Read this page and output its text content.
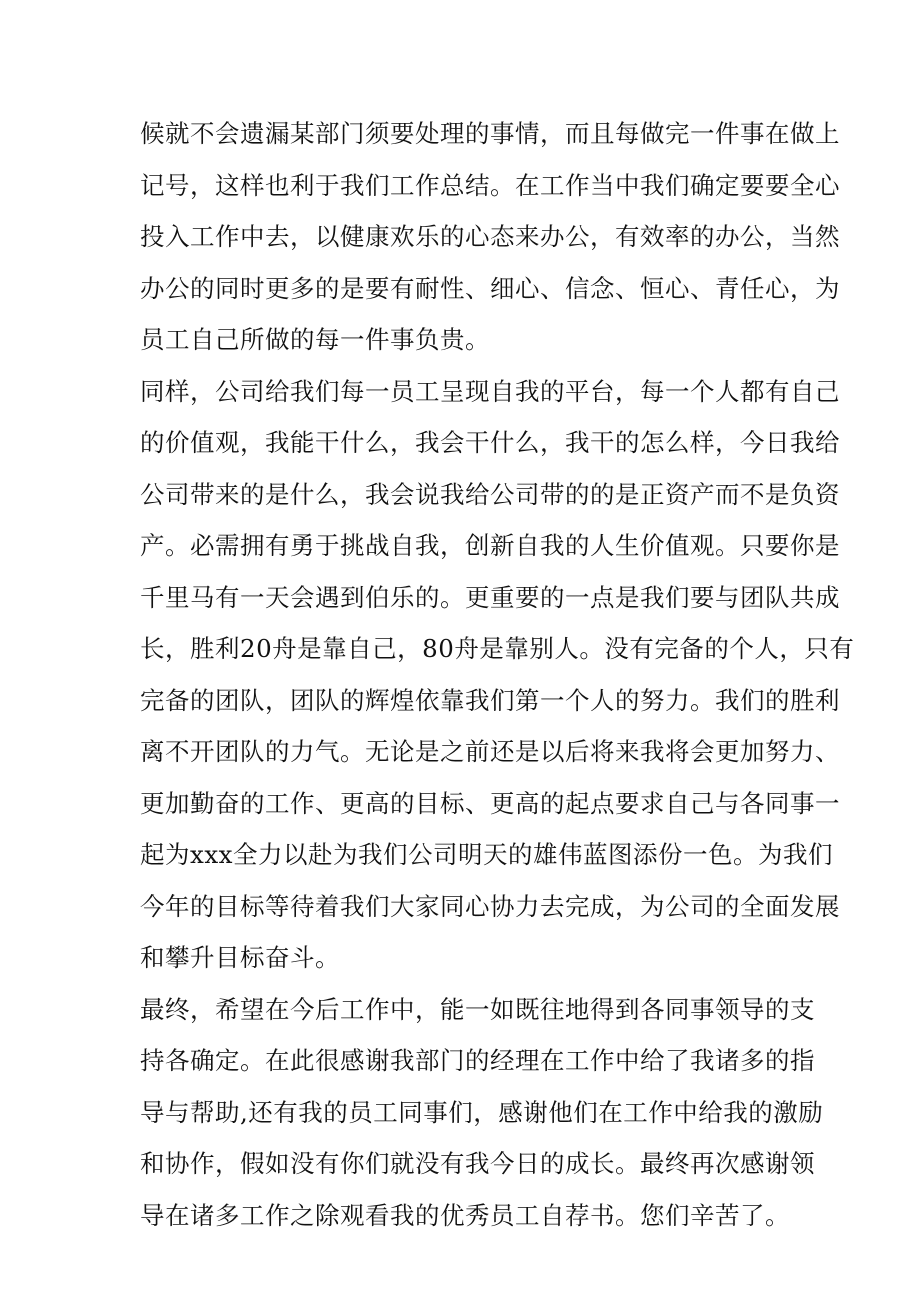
候就不会遗漏某部门须要处理的事情，而且每做完一件事在做上
记号，这样也利于我们工作总结。在工作当中我们确定要要全心
投入工作中去，以健康欢乐的心态来办公，有效率的办公，当然
办公的同时更多的是要有耐性、细心、信念、恒心、青任心，为
员工自己所做的每一件事负贵。
同样，公司给我们每一员工呈现自我的平台，每一个人都有自己
的价值观，我能干什么，我会干什么，我干的怎么样，今日我给
公司带来的是什么，我会说我给公司带的的是正资产而不是负资
产。必需拥有勇于挑战自我，创新自我的人生价值观。只要你是
千里马有一天会遇到伯乐的。更重要的一点是我们要与团队共成
长，胜利20舟是靠自己，80舟是靠别人。没有完备的个人，只有
完备的团队，团队的辉煌依靠我们第一个人的努力。我们的胜利
离不开团队的力气。无论是之前还是以后将来我将会更加努力、
更加勤奋的工作、更高的目标、更高的起点要求自己与各同事一
起为xxx全力以赴为我们公司明天的雄伟蓝图添份一色。为我们
今年的目标等待着我们大家同心协力去完成，为公司的全面发展
和攀升目标奋斗。
最终，希望在今后工作中，能一如既往地得到各同事领导的支
持各确定。在此很感谢我部门的经理在工作中给了我诸多的指
导与帮助,还有我的员工同事们，感谢他们在工作中给我的激励
和协作，假如没有你们就没有我今日的成长。最终再次感谢领
导在诸多工作之除观看我的优秀员工自荐书。您们辛苦了。
